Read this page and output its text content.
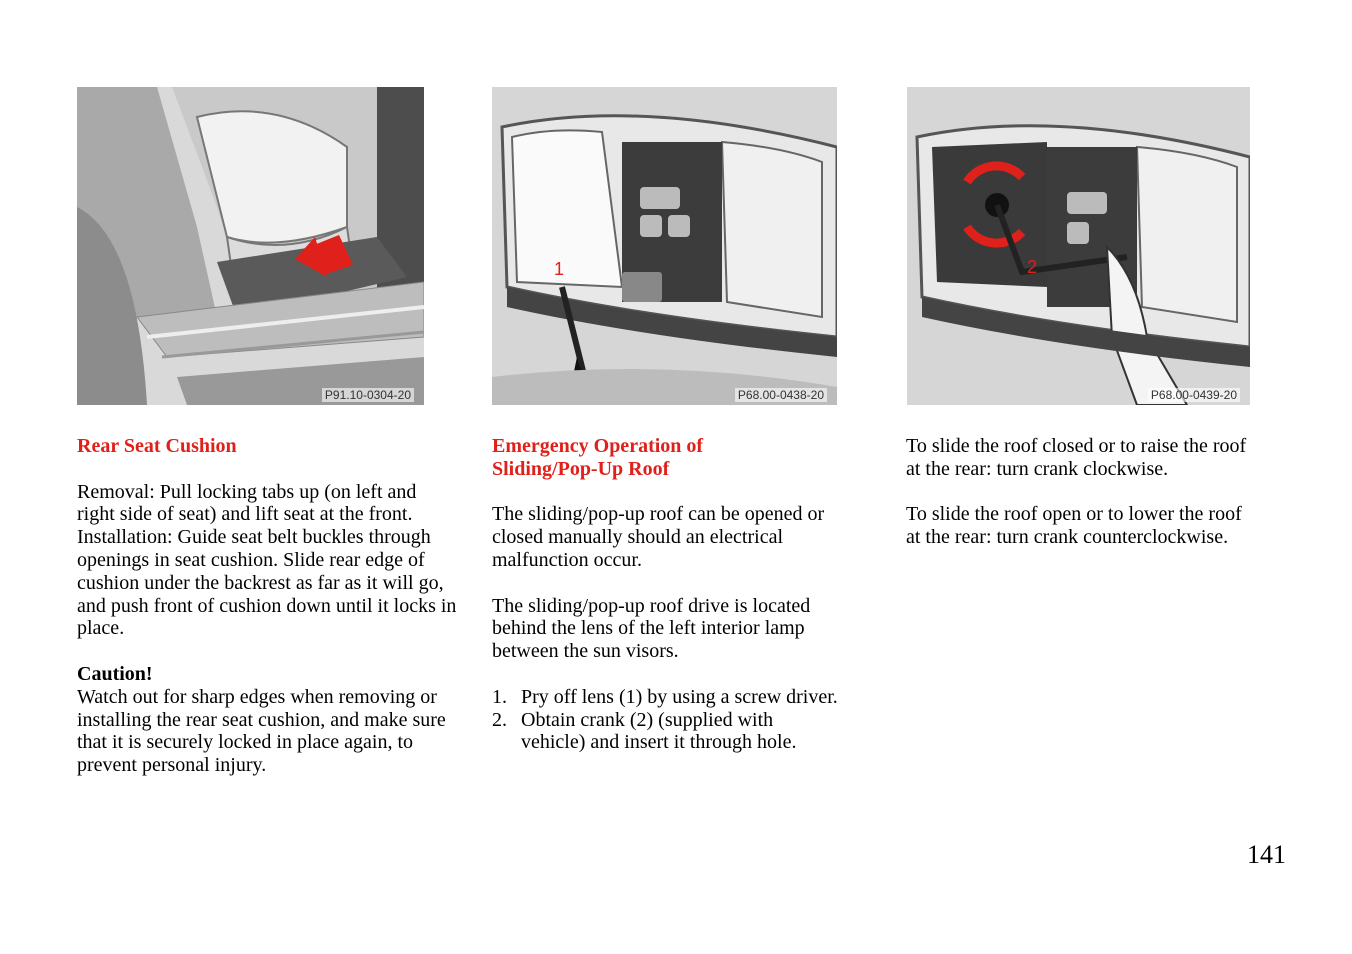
P91.10-0304-20
1
P68.00-0438-20
2
P68.00-0439-20
Rear Seat Cushion

Removal: Pull locking tabs up (on left and right side of seat) and lift seat at the front.

Installation: Guide seat belt buckles through openings in seat cushion. Slide rear edge of cushion under the backrest as far as it will go, and push front of cushion down until it locks in place.

Caution!

Watch out for sharp edges when removing or installing the rear seat cushion, and make sure that it is securely locked in place again, to prevent personal injury.

Emergency Operation of
Sliding/Pop-Up Roof

The sliding/pop-up roof can be opened or closed manually should an electrical malfunction occur.

The sliding/pop-up roof drive is located behind the lens of the left interior lamp between the sun visors.

1. Pry off lens (1) by using a screw driver.
2. Obtain crank (2) (supplied with vehicle) and insert it through hole.

To slide the roof closed or to raise the roof at the rear: turn crank clockwise.

To slide the roof open or to lower the roof at the rear: turn crank counterclockwise.

141
